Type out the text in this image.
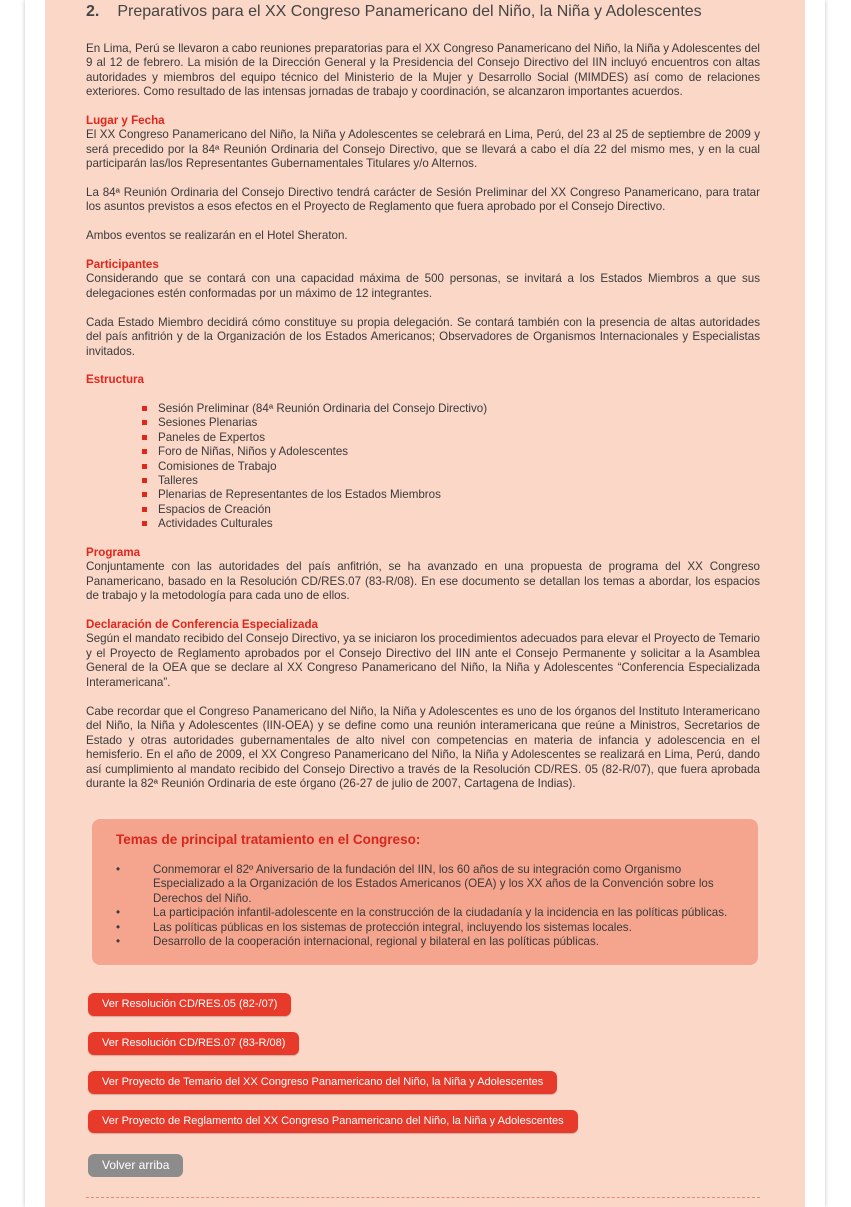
2. Preparativos para el XX Congreso Panamericano del Niño, la Niña y Adolescentes

En Lima, Perú se llevaron a cabo reuniones preparatorias para el XX Congreso Panamericano del Niño, la Niña y Adolescentes del 9 al 12 de febrero. La misión de la Dirección General y la Presidencia del Consejo Directivo del IIN incluyó encuentros con altas autoridades y miembros del equipo técnico del Ministerio de la Mujer y Desarrollo Social (MIMDES) así como de relaciones exteriores. Como resultado de las intensas jornadas de trabajo y coordinación, se alcanzaron importantes acuerdos.

Lugar y Fecha

El XX Congreso Panamericano del Niño, la Niña y Adolescentes se celebrará en Lima, Perú, del 23 al 25 de septiembre de 2009 y será precedido por la 84ª Reunión Ordinaria del Consejo Directivo, que se llevará a cabo el día 22 del mismo mes, y en la cual participarán las/los Representantes Gubernamentales Titulares y/o Alternos.

La 84ª Reunión Ordinaria del Consejo Directivo tendrá carácter de Sesión Preliminar del XX Congreso Panamericano, para tratar los asuntos previstos a esos efectos en el Proyecto de Reglamento que fuera aprobado por el Consejo Directivo.

Ambos eventos se realizarán en el Hotel Sheraton.

Participantes

Considerando que se contará con una capacidad máxima de 500 personas, se invitará a los Estados Miembros a que sus delegaciones estén conformadas por un máximo de 12 integrantes.

Cada Estado Miembro decidirá cómo constituye su propia delegación. Se contará también con la presencia de altas autoridades del país anfitrión y de la Organización de los Estados Americanos; Observadores de Organismos Internacionales y Especialistas invitados.

Estructura
Sesión Preliminar (84ª Reunión Ordinaria del Consejo Directivo)
Sesiones Plenarias
Paneles de Expertos
Foro de Niñas, Niños y Adolescentes
Comisiones de Trabajo
Talleres
Plenarias de Representantes de los Estados Miembros
Espacios de Creación
Actividades Culturales
Programa

Conjuntamente con las autoridades del país anfitrión, se ha avanzado en una propuesta de programa del XX Congreso Panamericano, basado en la Resolución CD/RES.07 (83-R/08). En ese documento se detallan los temas a abordar, los espacios de trabajo y la metodología para cada uno de ellos.

Declaración de Conferencia Especializada

Según el mandato recibido del Consejo Directivo, ya se iniciaron los procedimientos adecuados para elevar el Proyecto de Temario y el Proyecto de Reglamento aprobados por el Consejo Directivo del IIN ante el Consejo Permanente y solicitar a la Asamblea General de la OEA que se declare al XX Congreso Panamericano del Niño, la Niña y Adolescentes “Conferencia Especializada Interamericana”.

Cabe recordar que el Congreso Panamericano del Niño, la Niña y Adolescentes es uno de los órganos del Instituto Interamericano del Niño, la Niña y Adolescentes (IIN-OEA) y se define como una reunión interamericana que reúne a Ministros, Secretarios de Estado y otras autoridades gubernamentales de alto nivel con competencias en materia de infancia y adolescencia en el hemisferio. En el año de 2009, el XX Congreso Panamericano del Niño, la Niña y Adolescentes se realizará en Lima, Perú, dando así cumplimiento al mandato recibido del Consejo Directivo a través de la Resolución CD/RES. 05 (82-R/07), que fuera aprobada durante la 82ª Reunión Ordinaria de este órgano (26-27 de julio de 2007, Cartagena de Indias).

Temas de principal tratamiento en el Congreso:
•	Conmemorar el 82º Aniversario de la fundación del IIN, los 60 años de su integración como Organismo Especializado a la Organización de los Estados Americanos (OEA) y los XX años de la Convención sobre los Derechos del Niño.
•	La participación infantil-adolescente en la construcción de la ciudadanía y la incidencia en las políticas públicas.
•	Las políticas públicas en los sistemas de protección integral, incluyendo los sistemas locales.
•	Desarrollo de la cooperación internacional, regional y bilateral en las políticas públicas.
Ver Resolución CD/RES.05 (82-/07)
Ver Resolución CD/RES.07 (83-R/08)
Ver Proyecto de Temario del XX Congreso Panamericano del Niño, la Niña y Adolescentes
Ver Proyecto de Reglamento del XX Congreso Panamericano del Niño, la Niña y Adolescentes
Volver arriba
